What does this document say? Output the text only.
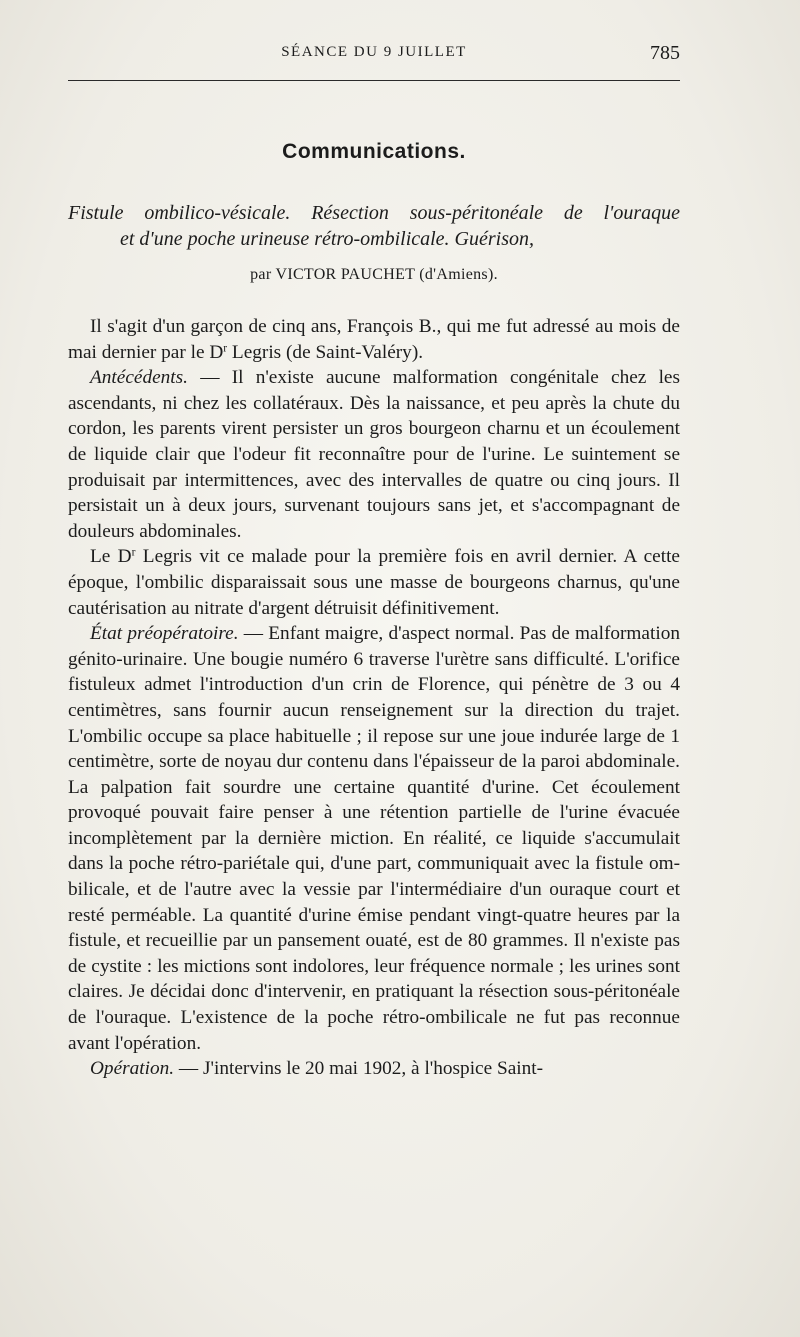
SÉANCE DU 9 JUILLET	785
Communications.
Fistule ombilico-vésicale. Résection sous-péritonéale de l'ouraque
et d'une poche urineuse rétro-ombilicale. Guérison,
par VICTOR PAUCHET (d'Amiens).

Il s'agit d'un garçon de cinq ans, François B., qui me fut adressé au mois de mai dernier par le $D^r$ Legris (de Saint-Valéry).

Antécédents. — Il n'existe aucune malformation congénitale chez les ascendants, ni chez les collatéraux. Dès la naissance, et peu après la chute du cordon, les parents virent persister un gros bourgeon charnu et un écoulement de liquide clair que l'odeur fit reconnaître pour de l'urine. Le suintement se produisait par intermittences, avec des intervalles de quatre ou cinq jours. Il persistait un à deux jours, survenant toujours sans jet, et s'accompagnant de douleurs abdominales.

Le $D^r$ Legris vit ce malade pour la première fois en avril dernier. A cette époque, l'ombilic disparaissait sous une masse de bourgeons charnus, qu'une cautérisation au nitrate d'argent détruisit définitivement.

État préopératoire. — Enfant maigre, d'aspect normal. Pas de malformation génito-urinaire. Une bougie numéro 6 traverse l'urètre sans difficulté. L'orifice fistuleux admet l'introduction d'un crin de Florence, qui pénètre de 3 ou 4 centimètres, sans fournir aucun renseignement sur la direction du trajet. L'ombilic occupe sa place habituelle ; il repose sur une joue indurée large de 1 centimètre, sorte de noyau dur contenu dans l'épaisseur de la paroi abdominale. La palpation fait sourdre une certaine quantité d'urine. Cet écoulement provoqué pouvait faire penser à une rétention partielle de l'urine évacuée incomplètement par la dernière miction. En réalité, ce liquide s'accumulait dans la poche rétro-pariétale qui, d'une part, communiquait avec la fistule ombilicale, et de l'autre avec la vessie par l'intermédiaire d'un ouraque court et resté perméable. La quantité d'urine émise pendant vingt-quatre heures par la fistule, et recueillie par un pansement ouaté, est de 80 grammes. Il n'existe pas de cystite : les mictions sont indolores, leur fréquence normale ; les urines sont claires. Je décidai donc d'intervenir, en pratiquant la résection sous-péritonéale de l'ouraque. L'existence de la poche rétro-ombilicale ne fut pas reconnue avant l'opération.

Opération. — J'intervins le 20 mai 1902, à l'hospice Saint-
